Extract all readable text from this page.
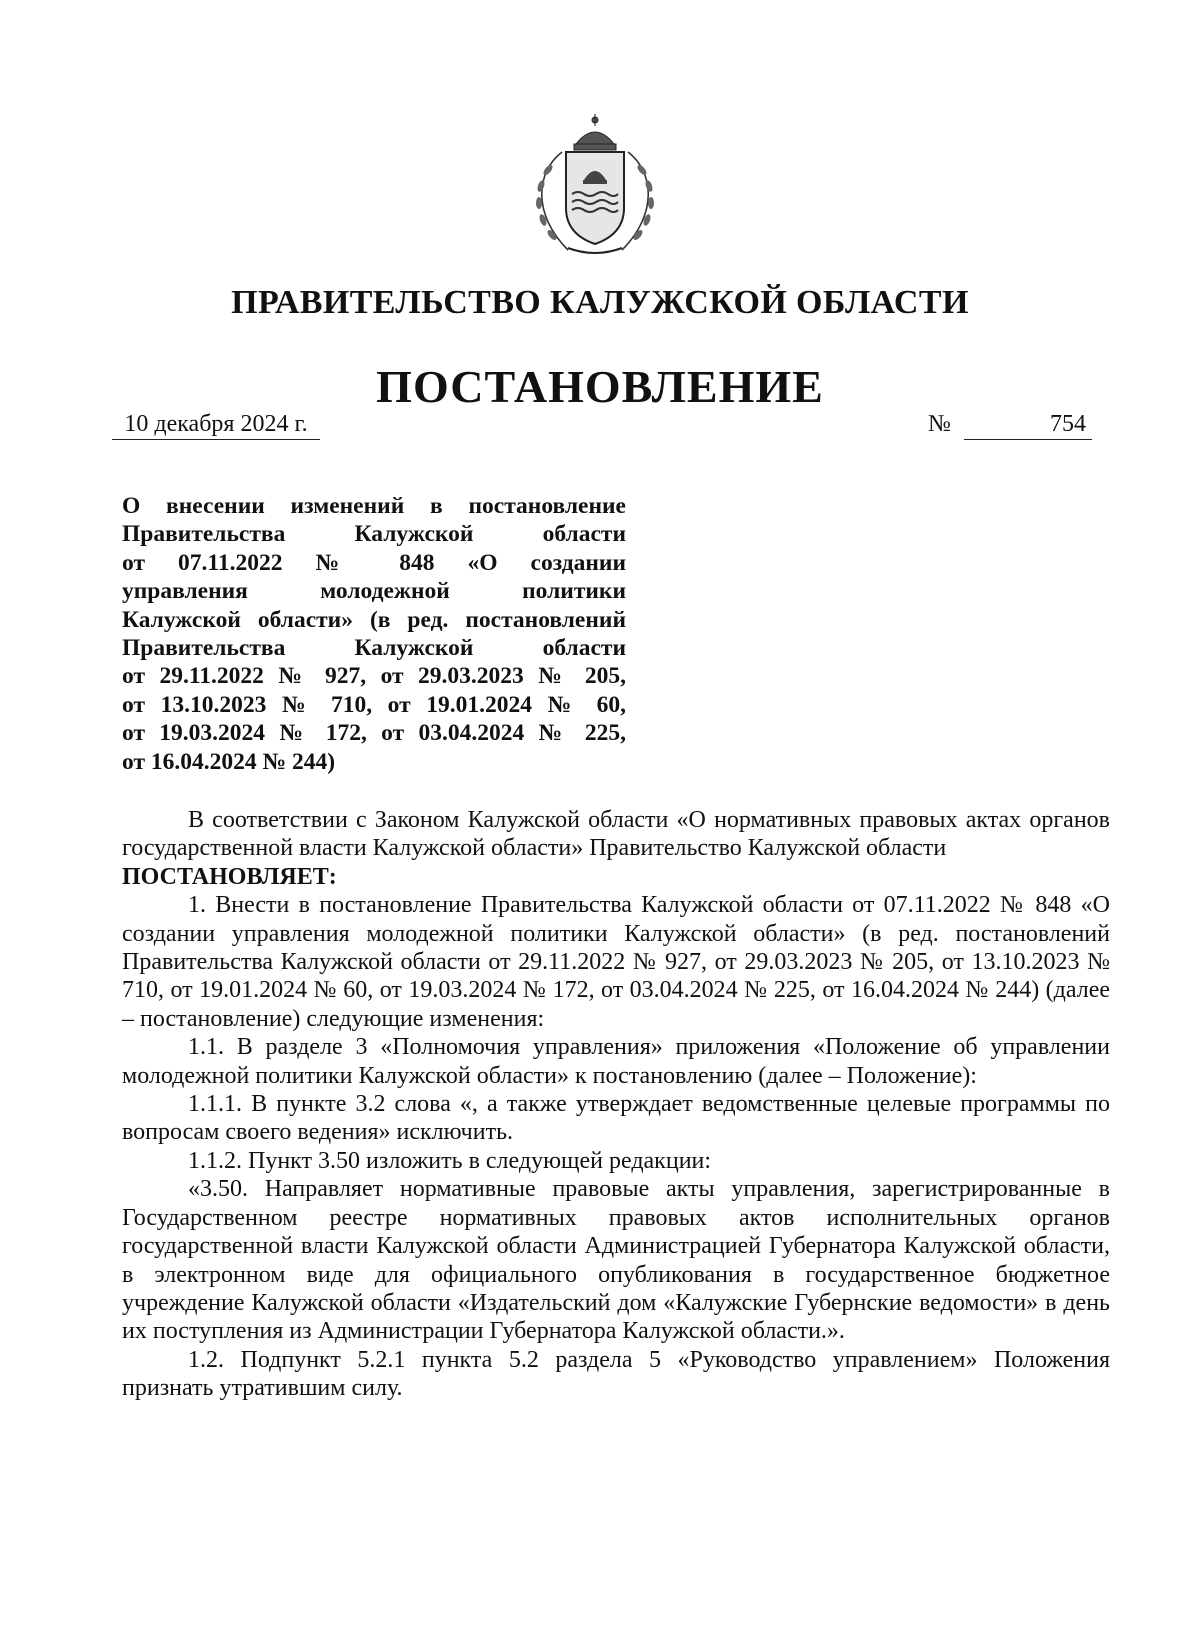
ПРАВИТЕЛЬСТВО КАЛУЖСКОЙ ОБЛАСТИ
ПОСТАНОВЛЕНИЕ
10 декабря 2024 г.	№	754
О внесении изменений в постановление
Правительства Калужской области
от 07.11.2022 № 848 «О создании
управления молодежной политики
Калужской области» (в ред. постановлений
Правительства Калужской области
от 29.11.2022 № 927, от 29.03.2023 № 205,
от 13.10.2023 № 710, от 19.01.2024 № 60,
от 19.03.2024 № 172, от 03.04.2024 № 225,
от 16.04.2024 № 244)

В соответствии с Законом Калужской области «О нормативных правовых актах органов государственной власти Калужской области» Правительство Калужской области

ПОСТАНОВЛЯЕТ:

1. Внести в постановление Правительства Калужской области от 07.11.2022 № 848 «О создании управления молодежной политики Калужской области» (в ред. постановлений Правительства Калужской области от 29.11.2022 № 927, от 29.03.2023 № 205, от 13.10.2023 № 710, от 19.01.2024 № 60, от 19.03.2024 № 172, от 03.04.2024 № 225, от 16.04.2024 № 244) (далее – постановление) следующие изменения:

1.1. В разделе 3 «Полномочия управления» приложения «Положение об управлении молодежной политики Калужской области» к постановлению (далее – Положение):

1.1.1. В пункте 3.2 слова «, а также утверждает ведомственные целевые программы по вопросам своего ведения» исключить.

1.1.2. Пункт 3.50 изложить в следующей редакции:

«3.50. Направляет нормативные правовые акты управления, зарегистрированные в Государственном реестре нормативных правовых актов исполнительных органов государственной власти Калужской области Администрацией Губернатора Калужской области, в электронном виде для официального опубликования в государственное бюджетное учреждение Калужской области «Издательский дом «Калужские Губернские ведомости» в день их поступления из Администрации Губернатора Калужской области.».

1.2. Подпункт 5.2.1 пункта 5.2 раздела 5 «Руководство управлением» Положения признать утратившим силу.
